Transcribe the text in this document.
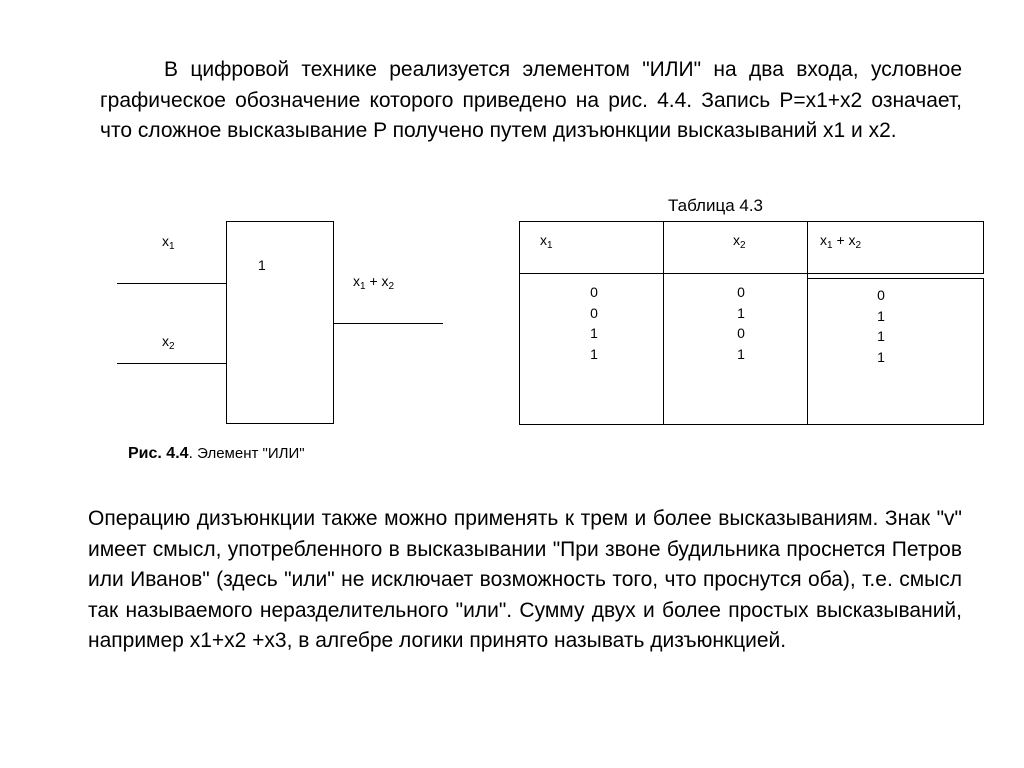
В цифровой технике реализуется элементом "ИЛИ" на два входа, условное графическое обозначение которого приведено на рис. 4.4. Запись P=x1+x2 означает, что сложное высказывание P получено путем дизъюнкции высказываний x1 и x2.

$x_1$
$x_2$
1
$x_1 + x_2$
Рис. 4.4. Элемент "ИЛИ"
Таблица 4.3
$x_1$	$x_2$	$x_1 + x_2$
0
0
1
1
0
1
0
1
0
1
1
1

Операцию дизъюнкции также можно применять к трем и более высказываниям. Знак "v" имеет смысл, употребленного в высказывании "При звоне будильника проснется Петров или Иванов" (здесь "или" не исключает возможность того, что проснутся оба), т.е. смысл так называемого неразделительного "или". Сумму двух и более простых высказываний, например x1+x2 +x3, в алгебре логики принято называть дизъюнкцией.
